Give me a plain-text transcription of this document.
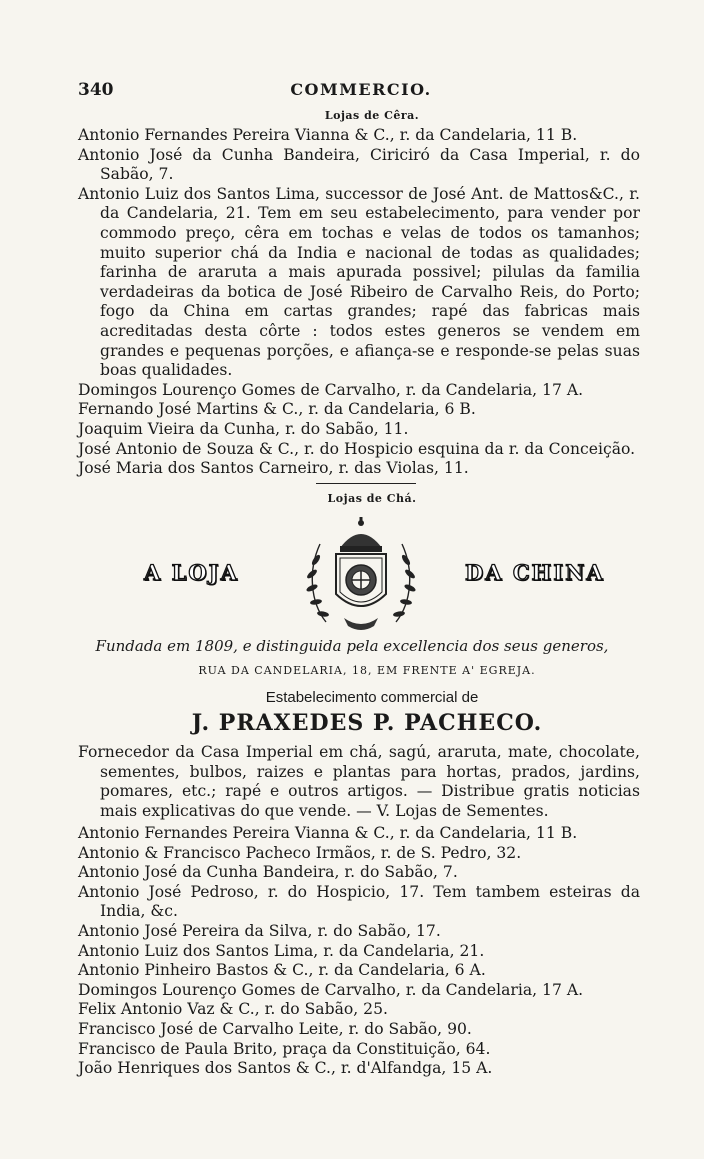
340	COMMERCIO.

Lojas de Cêra.

Antonio Fernandes Pereira Vianna & C., r. da Candelaria, 11 B.

Antonio José da Cunha Bandeira, Ciriciró da Casa Imperial, r. do Sabão, 7.

Antonio Luiz dos Santos Lima, successor de José Ant. de Mattos&C., r. da Candelaria, 21. Tem em seu estabelecimento, para vender por commodo preço, cêra em tochas e velas de todos os tamanhos; muito superior chá da India e nacional de todas as qualidades; farinha de araruta a mais apurada possivel; pilulas da familia verdadeiras da botica de José Ribeiro de Carvalho Reis, do Porto; fogo da China em cartas grandes; rapé das fabricas mais acreditadas desta côrte : todos estes generos se vendem em grandes e pequenas porções, e afiança-se e responde-se pelas suas boas qualidades.

Domingos Lourenço Gomes de Carvalho, r. da Candelaria, 17 A.

Fernando José Martins & C., r. da Candelaria, 6 B.

Joaquim Vieira da Cunha, r. do Sabão, 11.

José Antonio de Souza & C., r. do Hospicio esquina da r. da Conceição.

José Maria dos Santos Carneiro, r. das Violas, 11.

Lojas de Chá.

A LOJA	DA CHINA
Fundada em 1809, e distinguida pela excellencia dos seus generos,
RUA DA CANDELARIA, 18, EM FRENTE A' EGREJA.
Estabelecimento commercial de
J. PRAXEDES P. PACHECO.

Fornecedor da Casa Imperial em chá, sagú, araruta, mate, chocolate, sementes, bulbos, raizes e plantas para hortas, prados, jardins, pomares, etc.; rapé e outros artigos. — Distribue gratis noticias mais explicativas do que vende. — V. Lojas de Sementes.

Antonio Fernandes Pereira Vianna & C., r. da Candelaria, 11 B.

Antonio & Francisco Pacheco Irmãos, r. de S. Pedro, 32.

Antonio José da Cunha Bandeira, r. do Sabão, 7.

Antonio José Pedroso, r. do Hospicio, 17. Tem tambem esteiras da India, &c.

Antonio José Pereira da Silva, r. do Sabão, 17.

Antonio Luiz dos Santos Lima, r. da Candelaria, 21.

Antonio Pinheiro Bastos & C., r. da Candelaria, 6 A.

Domingos Lourenço Gomes de Carvalho, r. da Candelaria, 17 A.

Felix Antonio Vaz & C., r. do Sabão, 25.

Francisco José de Carvalho Leite, r. do Sabão, 90.

Francisco de Paula Brito, praça da Constituição, 64.

João Henriques dos Santos & C., r. d'Alfandga, 15 A.
